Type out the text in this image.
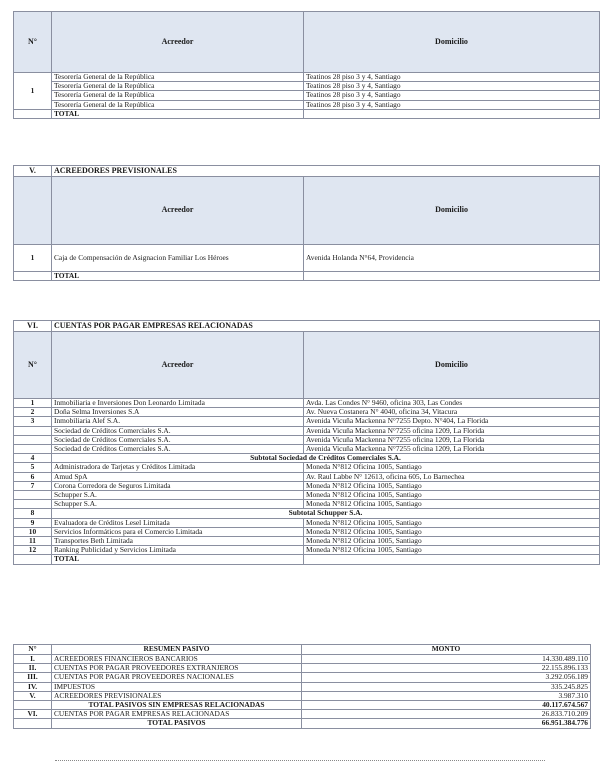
N°	Acreedor	Domicilio
1	Tesorería General de la República	Teatinos 28 piso 3 y 4, Santiago
	Tesorería General de la República	Teatinos 28 piso 3 y 4, Santiago
	Tesorería General de la República	Teatinos 28 piso 3 y 4, Santiago
	Tesorería General de la República	Teatinos 28 piso 3 y 4, Santiago
	TOTAL	
V.	ACREEDORES PREVISIONALES	
	Acreedor	Domicilio
1	Caja de Compensación de Asignacion Familiar Los Héroes	Avenida Holanda N°64, Providencia
	TOTAL	
VI.	CUENTAS POR PAGAR EMPRESAS RELACIONADAS	
N°	Acreedor	Domicilio
1	Inmobiliaria e Inversiones Don Leonardo Limitada	Avda. Las Condes N° 9460, oficina 303, Las Condes
2	Doña Selma Inversiones S.A	Av. Nueva Costanera N° 4040, oficina 34, Vitacura
3	Inmobiliaria Alef S.A.	Avenida Vicuña Mackenna N°7255 Depto. N°404, La Florida
	Sociedad de Créditos Comerciales S.A.	Avenida Vicuña Mackenna N°7255 oficina 1209, La Florida
	Sociedad de Créditos Comerciales S.A.	Avenida Vicuña Mackenna N°7255 oficina 1209, La Florida
	Sociedad de Créditos Comerciales S.A.	Avenida Vicuña Mackenna N°7255 oficina 1209, La Florida
4	Subtotal Sociedad de Créditos Comerciales S.A.	
5	Administradora de Tarjetas y Créditos Limitada	Moneda N°812 Oficina 1005, Santiago
6	Amud SpA	Av. Raul Labbe N° 12613, oficina 605, Lo Barnechea
7	Corona Corredora de Seguros Limitada	Moneda N°812 Oficina 1005, Santiago
	Schupper S.A.	Moneda N°812 Oficina 1005, Santiago
	Schupper S.A.	Moneda N°812 Oficina 1005, Santiago
8	Subtotal Schupper S.A.	
9	Evaluadora de Créditos Lesel Limitada	Moneda N°812 Oficina 1005, Santiago
10	Servicios Informáticos para el Comercio Limitada	Moneda N°812 Oficina 1005, Santiago
11	Transportes Beth Limitada	Moneda N°812 Oficina 1005, Santiago
12	Ranking Publicidad y Servicios Limitada	Moneda N°812 Oficina 1005, Santiago
	TOTAL	
N°	RESUMEN PASIVO	MONTO
I.	ACREEDORES FINANCIEROS BANCARIOS	14.330.489.110
II.	CUENTAS POR PAGAR PROVEEDORES EXTRANJEROS	22.155.896.133
III.	CUENTAS POR PAGAR PROVEEDORES NACIONALES	3.292.056.189
IV.	IMPUESTOS	335.245.825
V.	ACREEDORES PREVISIONALES	3.987.310
	TOTAL PASIVOS SIN EMPRESAS RELACIONADAS	40.117.674.567
VI.	CUENTAS POR PAGAR EMPRESAS RELACIONADAS	26.833.710.209
	TOTAL PASIVOS	66.951.384.776
